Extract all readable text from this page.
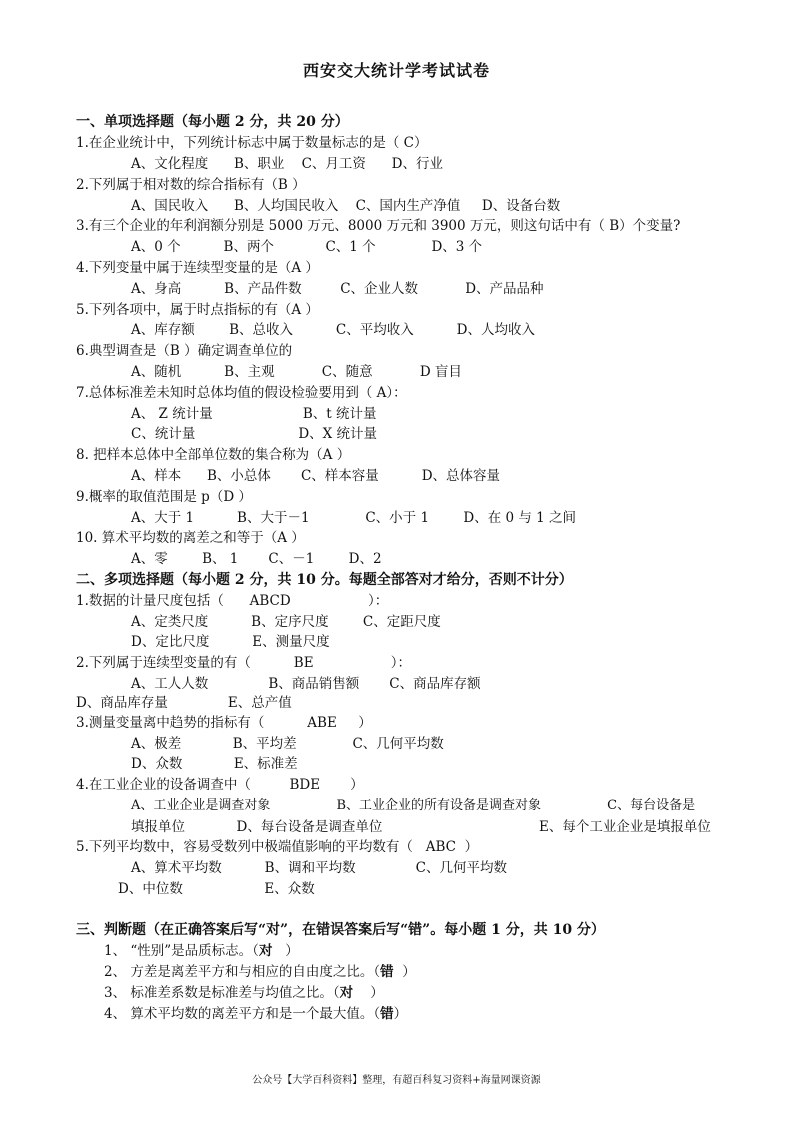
西安交大统计学考试试卷
一、单项选择题（每小题 2 分，共 20 分）
1.在企业统计中，下列统计标志中属于数量标志的是（ C）
A、文化程度      B、职业    C、月工资      D、行业
2.下列属于相对数的综合指标有（B ）
A、国民收入      B、人均国民收入    C、国内生产净值     D、设备台数
3.有三个企业的年利润额分别是 5000 万元、8000 万元和 3900 万元，则这句话中有（ B）个变量?
A、0 个          B、两个            C、1 个             D、3 个
4.下列变量中属于连续型变量的是（A ）
A、身高          B、产品件数         C、企业人数           D、产品品种
5.下列各项中，属于时点指标的有（A ）
A、库存额        B、总收入          C、平均收入          D、人均收入
6.典型调查是（B ）确定调查单位的
A、随机          B、主观           C、随意           D 盲目
7.总体标准差未知时总体均值的假设检验要用到（ A）：
A、 Z 统计量                     B、t 统计量
C、统计量                        D、X 统计量
8. 把样本总体中全部单位数的集合称为（A ）
A、样本      B、小总体       C、样本容量          D、总体容量
9.概率的取值范围是 p（D ）
A、大于 1          B、大于－1             C、小于 1        D、在 0 与 1 之间
10. 算术平均数的离差之和等于（A ）
A、零        B、 1       C、－1        D、2
二、多项选择题（每小题 2 分，共 10 分。每题全部答对才给分，否则不计分）
1.数据的计量尺度包括（      ABCD                  ）：
A、定类尺度          B、定序尺度        C、定距尺度
D、定比尺度          E、测量尺度
2.下列属于连续型变量的有（          BE                  ）：
A、工人人数              B、商品销售额       C、商品库存额
D、商品库存量              E、总产值
3.测量变量离中趋势的指标有（          ABE     ）
A、极差            B、平均差             C、几何平均数
D、众数            E、标准差
4.在工业企业的设备调查中（         BDE       ）
A、工业企业是调查对象                B、工业企业的所有设备是调查对象                C、每台设备是
填报单位            D、每台设备是调查单位	E、每个工业企业是填报单位
5.下列平均数中，容易受数列中极端值影响的平均数有（   ABC  ）
A、算术平均数          B、调和平均数              C、几何平均数
D、中位数                   E、众数
三、判断题（在正确答案后写“对”，在错误答案后写“错”。每小题 1 分，共 10 分）
1、 “性别”是品质标志。（对   ）
2、 方差是离差平方和与相应的自由度之比。（错  ）
3、 标准差系数是标准差与均值之比。（对    ）
4、 算术平均数的离差平方和是一个最大值。（错）
公众号【大学百科资料】整理，有超百科复习资料+海量网课资源
